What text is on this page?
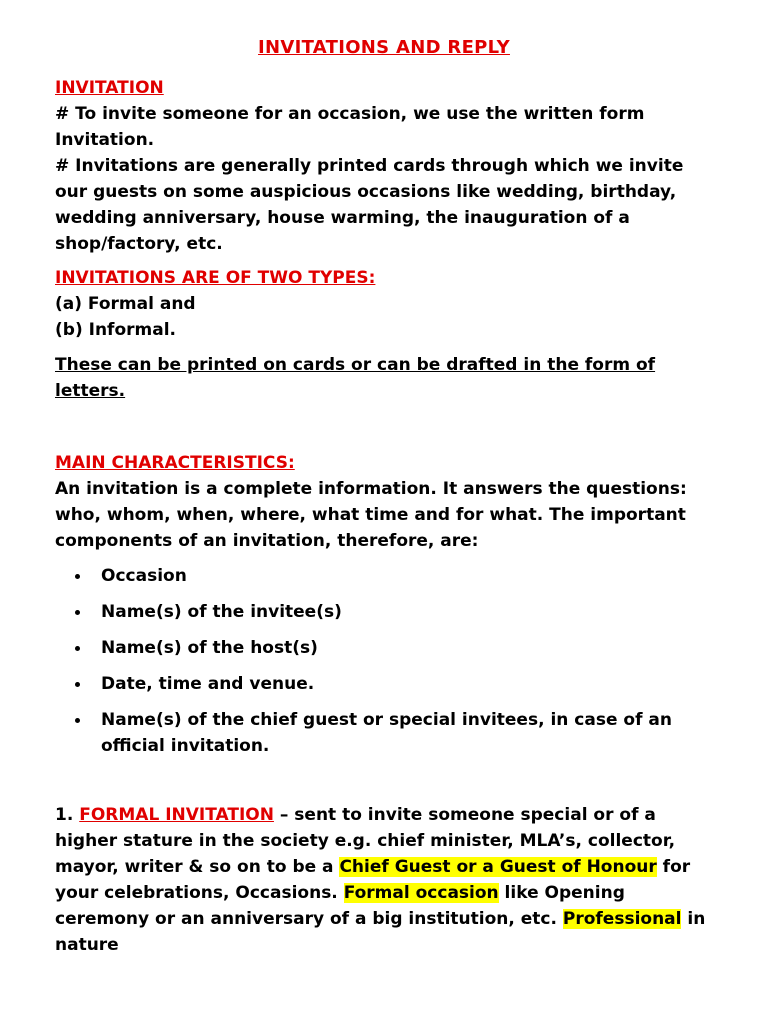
INVITATIONS AND REPLY
INVITATION
# To invite someone for an occasion, we use the written form
Invitation.
# Invitations are generally printed cards through which we invite
our guests on some auspicious occasions like wedding, birthday,
wedding anniversary, house warming, the inauguration of a
shop/factory, etc.
INVITATIONS ARE OF TWO TYPES:
(a) Formal and
(b) Informal.
These can be printed on cards or can be drafted in the form of
letters.
MAIN CHARACTERISTICS:
An invitation is a complete information. It answers the questions:
who, whom, when, where, what time and for what. The important
components of an invitation, therefore, are:
Occasion
Name(s) of the invitee(s)
Name(s) of the host(s)
Date, time and venue.
Name(s) of the chief guest or special invitees, in case of an
official invitation.
1. FORMAL INVITATION – sent to invite someone special or of a
higher stature in the society e.g. chief minister, MLA’s, collector,
mayor, writer & so on to be a Chief Guest or a Guest of Honour for
your celebrations, Occasions. Formal occasion like Opening
ceremony or an anniversary of a big institution, etc. Professional in
nature
